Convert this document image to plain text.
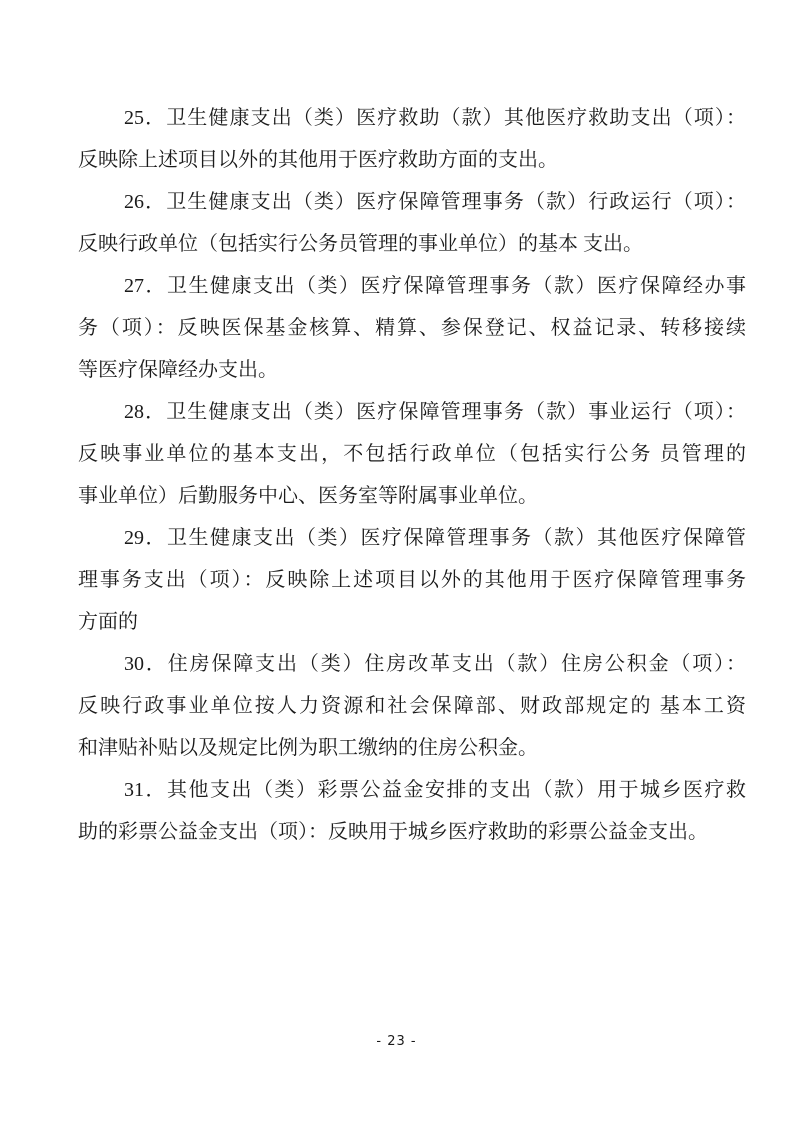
25．卫生健康支出（类）医疗救助（款）其他医疗救助支出（项）：
反映除上述项目以外的其他用于医疗救助方面的支出。
26．卫生健康支出（类）医疗保障管理事务（款）行政运行（项）：
反映行政单位（包括实行公务员管理的事业单位）的基本 支出。
27．卫生健康支出（类）医疗保障管理事务（款）医疗保障经办事
务（项）：反映医保基金核算、精算、参保登记、权益记录、转移接续
等医疗保障经办支出。
28．卫生健康支出（类）医疗保障管理事务（款）事业运行（项）：
反映事业单位的基本支出，不包括行政单位（包括实行公务 员管理的
事业单位）后勤服务中心、医务室等附属事业单位。
29．卫生健康支出（类）医疗保障管理事务（款）其他医疗保障管
理事务支出（项）：反映除上述项目以外的其他用于医疗保障管理事务
方面的
30．住房保障支出（类）住房改革支出（款）住房公积金（项）：
反映行政事业单位按人力资源和社会保障部、财政部规定的 基本工资
和津贴补贴以及规定比例为职工缴纳的住房公积金。
31．其他支出（类）彩票公益金安排的支出（款）用于城乡医疗救
助的彩票公益金支出（项）：反映用于城乡医疗救助的彩票公益金支出。
- 23 -
